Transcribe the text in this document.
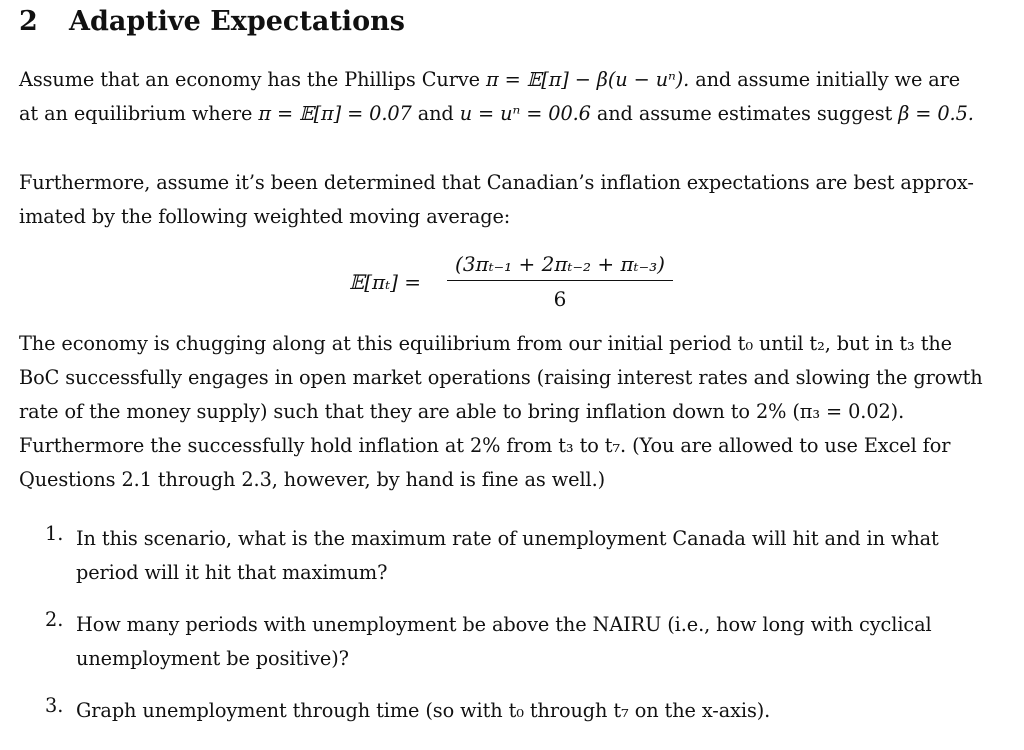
2 Adaptive Expectations
Assume that an economy has the Phillips Curve π = 𝔼[π] − β(u − uⁿ). and assume initially we are
at an equilibrium where π = 𝔼[π] = 0.07 and u = uⁿ = 00.6 and assume estimates suggest β = 0.5.
Furthermore, assume it’s been determined that Canadian’s inflation expectations are best approx-
imated by the following weighted moving average:
𝔼[πₜ] =
(3πₜ₋₁ + 2πₜ₋₂ + πₜ₋₃)
6
The economy is chugging along at this equilibrium from our initial period t₀ until t₂, but in t₃ the
BoC successfully engages in open market operations (raising interest rates and slowing the growth
rate of the money supply) such that they are able to bring inflation down to 2% (π₃ = 0.02).
Furthermore the successfully hold inflation at 2% from t₃ to t₇. (You are allowed to use Excel for
Questions 2.1 through 2.3, however, by hand is fine as well.)
1. In this scenario, what is the maximum rate of unemployment Canada will hit and in what
period will it hit that maximum?
2. How many periods with unemployment be above the NAIRU (i.e., how long with cyclical
unemployment be positive)?
3. Graph unemployment through time (so with t₀ through t₇ on the x-axis).
